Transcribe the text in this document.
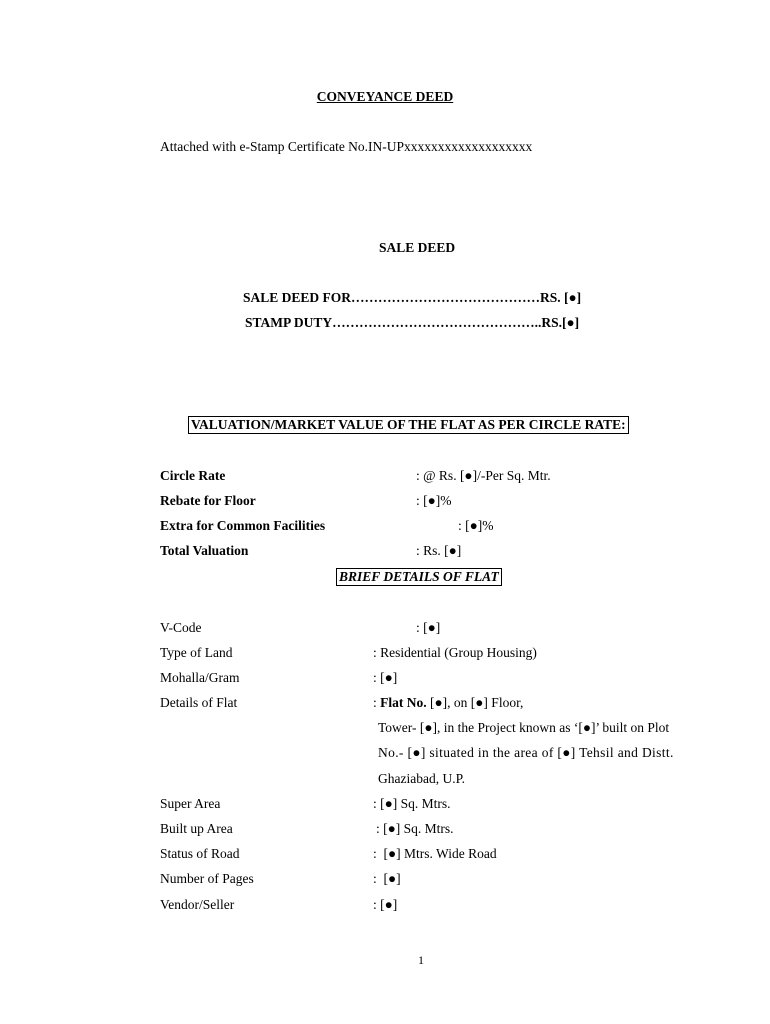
CONVEYANCE DEED
Attached with e-Stamp Certificate No.IN-UPxxxxxxxxxxxxxxxxxxx
SALE DEED
SALE DEED FOR……………………………………RS. [●]
STAMP DUTY………………………………………..RS.[●]
VALUATION/MARKET VALUE OF THE FLAT AS PER CIRCLE RATE:
Circle Rate	: @ Rs. [●]/-Per Sq. Mtr.
Rebate for Floor	: [●]%
Extra for Common Facilities	: [●]%
Total Valuation	: Rs. [●]
BRIEF DETAILS OF FLAT
V-Code	: [●]
Type of Land	: Residential (Group Housing)
Mohalla/Gram	: [●]
Details of Flat	: Flat No. [●], on [●] Floor,
Tower- [●], in the Project known as ‘[●]’ built on Plot
No.- [●] situated in the area of [●] Tehsil and Distt.
Ghaziabad, U.P.
Super Area	: [●] Sq. Mtrs.
Built up Area	: [●] Sq. Mtrs.
Status of Road	:  [●] Mtrs. Wide Road
Number of Pages	:  [●]
Vendor/Seller	: [●]
1
